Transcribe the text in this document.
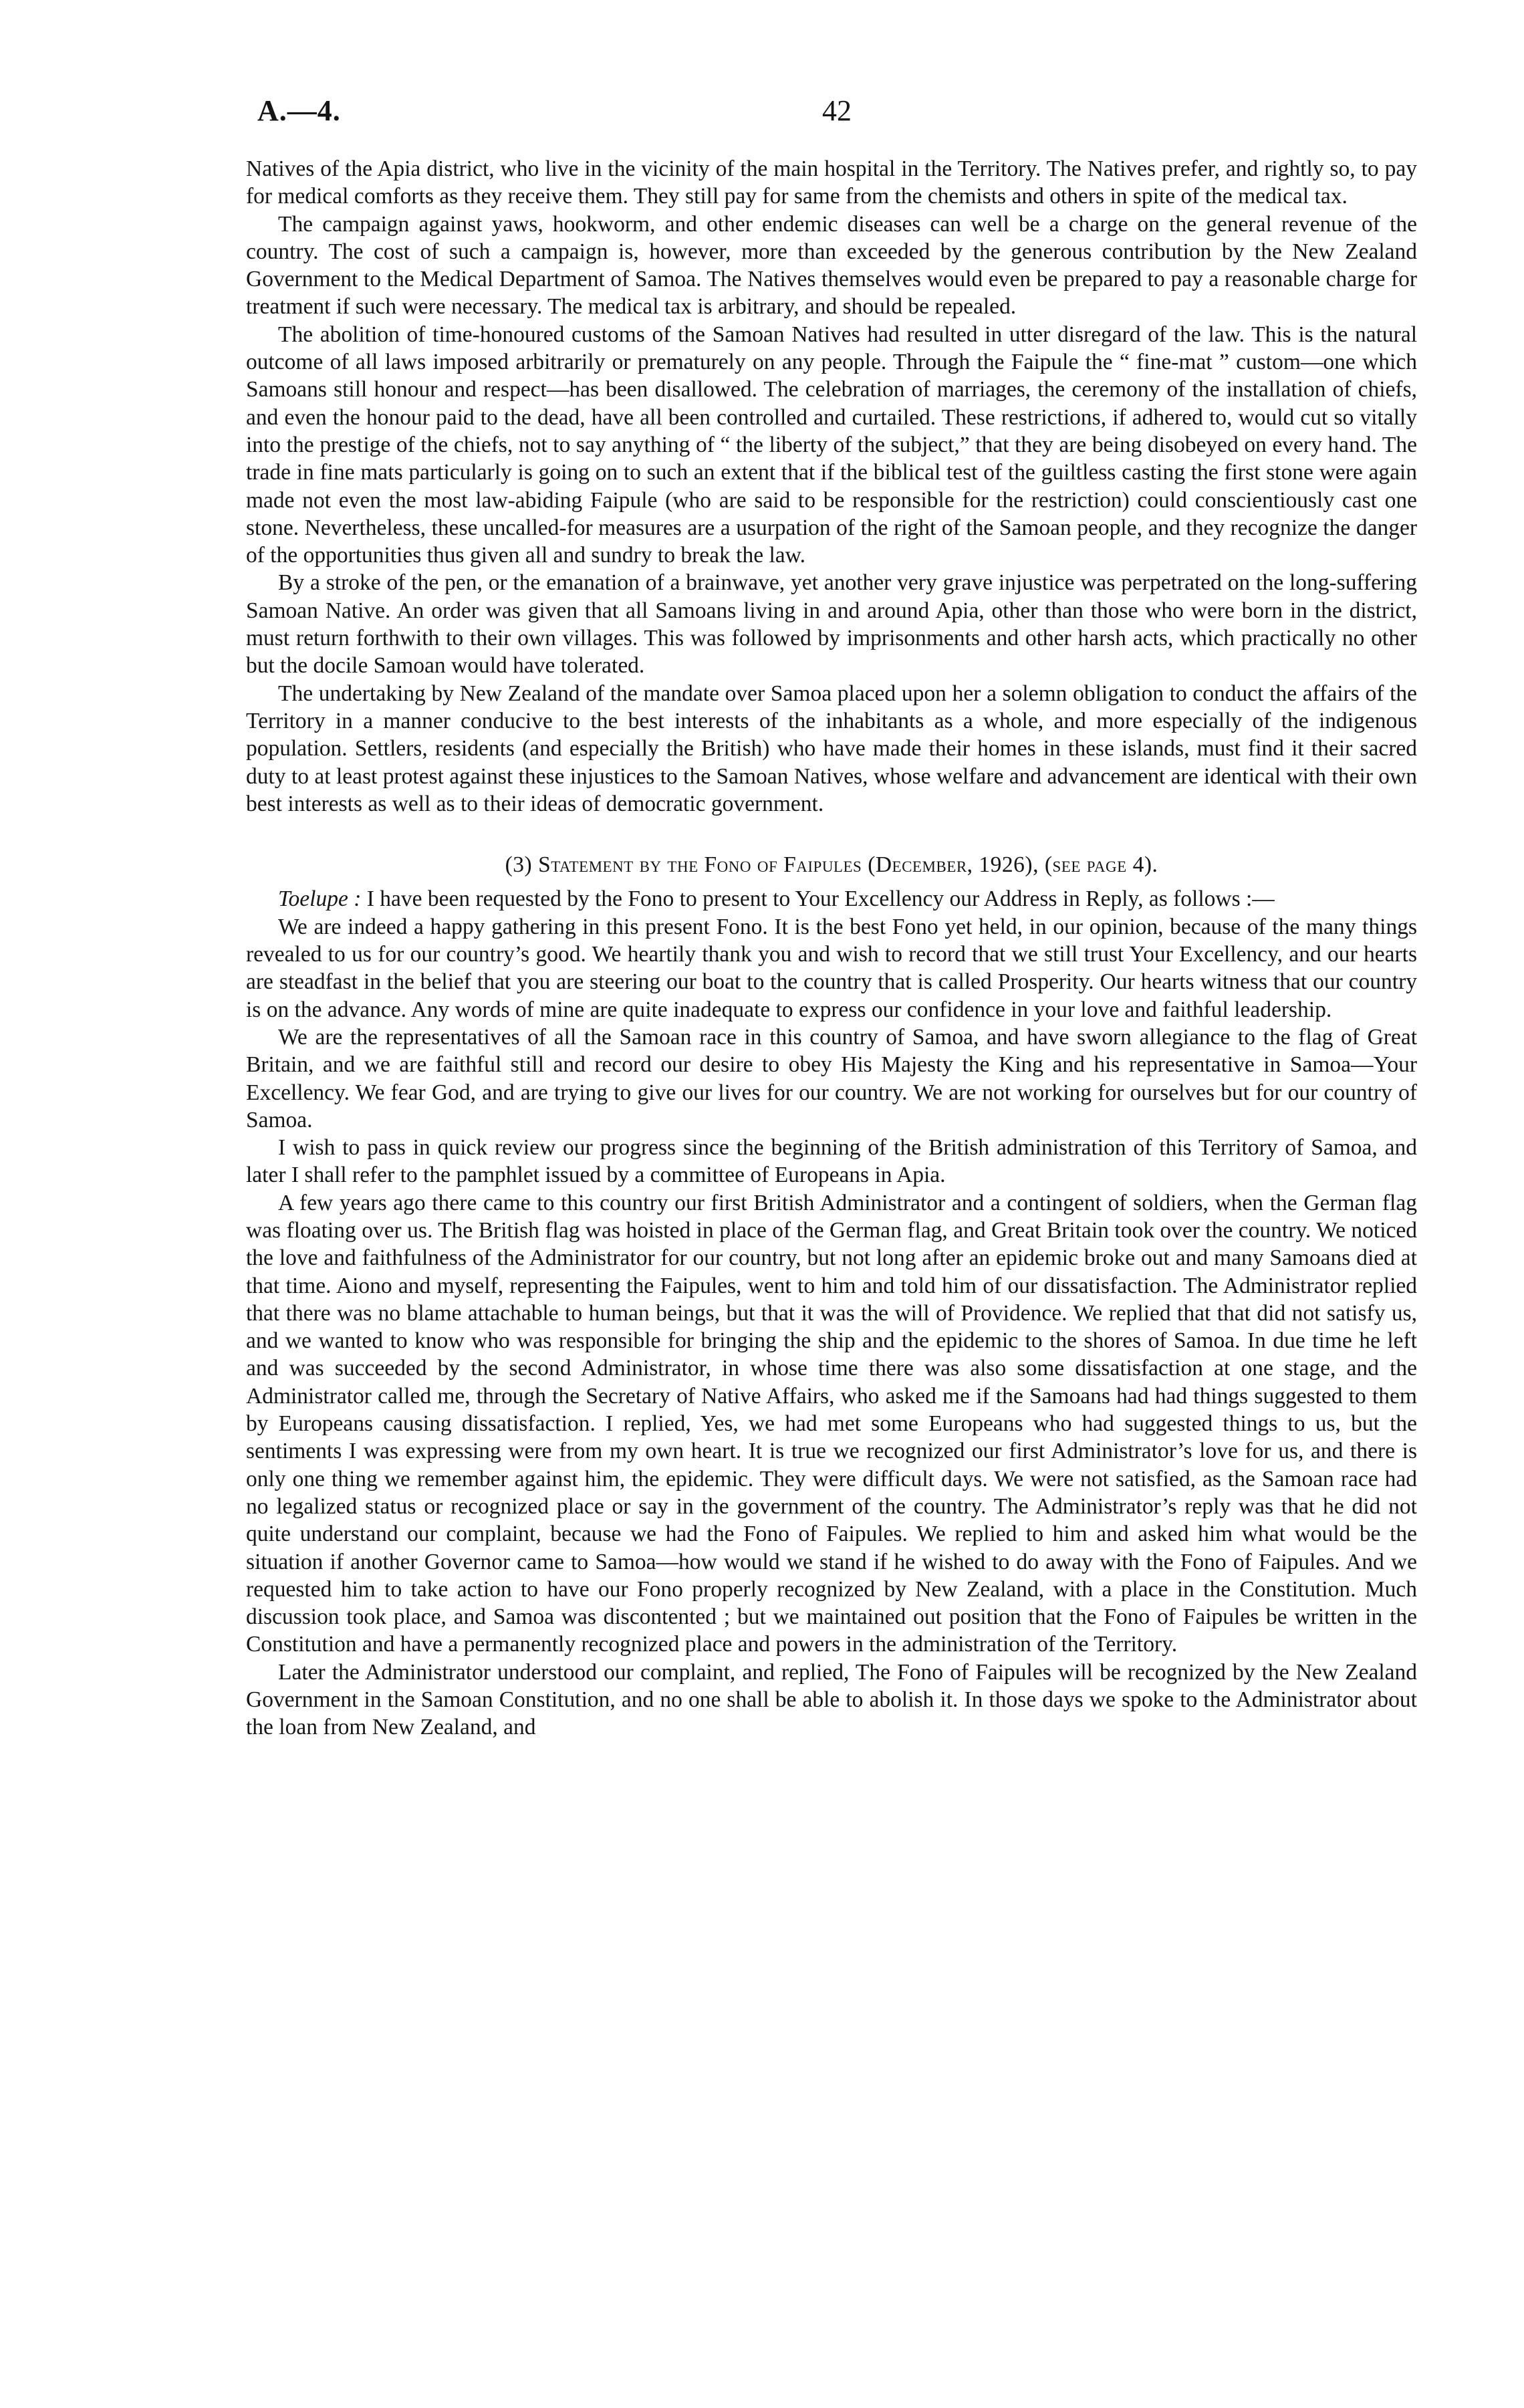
A.—4.	42

Natives of the Apia district, who live in the vicinity of the main hospital in the Territory. The Natives prefer, and rightly so, to pay for medical comforts as they receive them. They still pay for same from the chemists and others in spite of the medical tax.

The campaign against yaws, hookworm, and other endemic diseases can well be a charge on the general revenue of the country. The cost of such a campaign is, however, more than exceeded by the generous contribution by the New Zealand Government to the Medical Department of Samoa. The Natives themselves would even be prepared to pay a reasonable charge for treatment if such were necessary. The medical tax is arbitrary, and should be repealed.

The abolition of time-honoured customs of the Samoan Natives had resulted in utter disregard of the law. This is the natural outcome of all laws imposed arbitrarily or prematurely on any people. Through the Faipule the “ fine-mat ” custom—one which Samoans still honour and respect—has been disallowed. The celebration of marriages, the ceremony of the installation of chiefs, and even the honour paid to the dead, have all been controlled and curtailed. These restrictions, if adhered to, would cut so vitally into the prestige of the chiefs, not to say anything of “ the liberty of the subject,” that they are being disobeyed on every hand. The trade in fine mats particularly is going on to such an extent that if the biblical test of the guiltless casting the first stone were again made not even the most law-abiding Faipule (who are said to be responsible for the restriction) could conscientiously cast one stone. Nevertheless, these uncalled-for measures are a usurpation of the right of the Samoan people, and they recognize the danger of the opportunities thus given all and sundry to break the law.

By a stroke of the pen, or the emanation of a brainwave, yet another very grave injustice was perpetrated on the long-suffering Samoan Native. An order was given that all Samoans living in and around Apia, other than those who were born in the district, must return forthwith to their own villages. This was followed by imprisonments and other harsh acts, which practically no other but the docile Samoan would have tolerated.

The undertaking by New Zealand of the mandate over Samoa placed upon her a solemn obligation to conduct the affairs of the Territory in a manner conducive to the best interests of the inhabitants as a whole, and more especially of the indigenous population. Settlers, residents (and especially the British) who have made their homes in these islands, must find it their sacred duty to at least protest against these injustices to the Samoan Natives, whose welfare and advancement are identical with their own best interests as well as to their ideas of democratic government.

(3) Statement by the Fono of Faipules (December, 1926), (see page 4).

Toelupe : I have been requested by the Fono to present to Your Excellency our Address in Reply, as follows :—

We are indeed a happy gathering in this present Fono. It is the best Fono yet held, in our opinion, because of the many things revealed to us for our country’s good. We heartily thank you and wish to record that we still trust Your Excellency, and our hearts are steadfast in the belief that you are steering our boat to the country that is called Prosperity. Our hearts witness that our country is on the advance. Any words of mine are quite inadequate to express our confidence in your love and faithful leadership.

We are the representatives of all the Samoan race in this country of Samoa, and have sworn allegiance to the flag of Great Britain, and we are faithful still and record our desire to obey His Majesty the King and his representative in Samoa—Your Excellency. We fear God, and are trying to give our lives for our country. We are not working for ourselves but for our country of Samoa.

I wish to pass in quick review our progress since the beginning of the British administration of this Territory of Samoa, and later I shall refer to the pamphlet issued by a committee of Europeans in Apia.

A few years ago there came to this country our first British Administrator and a contingent of soldiers, when the German flag was floating over us. The British flag was hoisted in place of the German flag, and Great Britain took over the country. We noticed the love and faithfulness of the Administrator for our country, but not long after an epidemic broke out and many Samoans died at that time. Aiono and myself, representing the Faipules, went to him and told him of our dissatisfaction. The Administrator replied that there was no blame attachable to human beings, but that it was the will of Providence. We replied that that did not satisfy us, and we wanted to know who was responsible for bringing the ship and the epidemic to the shores of Samoa. In due time he left and was succeeded by the second Administrator, in whose time there was also some dissatisfaction at one stage, and the Administrator called me, through the Secretary of Native Affairs, who asked me if the Samoans had had things suggested to them by Europeans causing dissatisfaction. I replied, Yes, we had met some Europeans who had suggested things to us, but the sentiments I was expressing were from my own heart. It is true we recognized our first Administrator’s love for us, and there is only one thing we remember against him, the epidemic. They were difficult days. We were not satisfied, as the Samoan race had no legalized status or recognized place or say in the government of the country. The Administrator’s reply was that he did not quite understand our complaint, because we had the Fono of Faipules. We replied to him and asked him what would be the situation if another Governor came to Samoa—how would we stand if he wished to do away with the Fono of Faipules. And we requested him to take action to have our Fono properly recognized by New Zealand, with a place in the Constitution. Much discussion took place, and Samoa was discontented ; but we maintained out position that the Fono of Faipules be written in the Constitution and have a permanently recognized place and powers in the administration of the Territory.

Later the Administrator understood our complaint, and replied, The Fono of Faipules will be recognized by the New Zealand Government in the Samoan Constitution, and no one shall be able to abolish it. In those days we spoke to the Administrator about the loan from New Zealand, and
